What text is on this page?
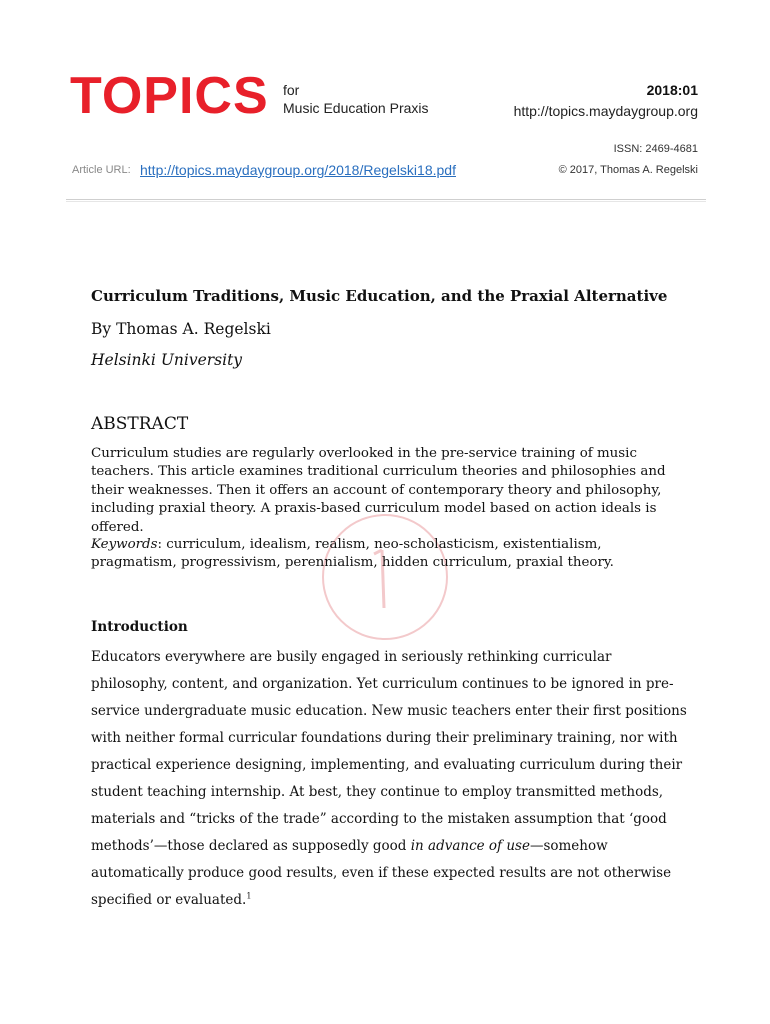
TOPICS for
Music Education Praxis
2018:01
http://topics.maydaygroup.org
ISSN: 2469-4681
© 2017, Thomas A. Regelski
Article URL: http://topics.maydaygroup.org/2018/Regelski18.pdf
Curriculum Traditions, Music Education, and the Praxial Alternative
By Thomas A. Regelski
Helsinki University
ABSTRACT

Curriculum studies are regularly overlooked in the pre-service training of music teachers. This article examines traditional curriculum theories and philosophies and their weaknesses. Then it offers an account of contemporary theory and philosophy, including praxial theory. A praxis-based curriculum model based on action ideals is offered.

Keywords: curriculum, idealism, realism, neo-scholasticism, existentialism, pragmatism, progressivism, perennialism, hidden curriculum, praxial theory.

Introduction

Educators everywhere are busily engaged in seriously rethinking curricular philosophy, content, and organization. Yet curriculum continues to be ignored in pre-service undergraduate music education. New music teachers enter their first positions with neither formal curricular foundations during their preliminary training, nor with practical experience designing, implementing, and evaluating curriculum during their student teaching internship. At best, they continue to employ transmitted methods, materials and “tricks of the trade” according to the mistaken assumption that ‘good methods’—those declared as supposedly good in advance of use—somehow automatically produce good results, even if these expected results are not otherwise specified or evaluated.$^1$
